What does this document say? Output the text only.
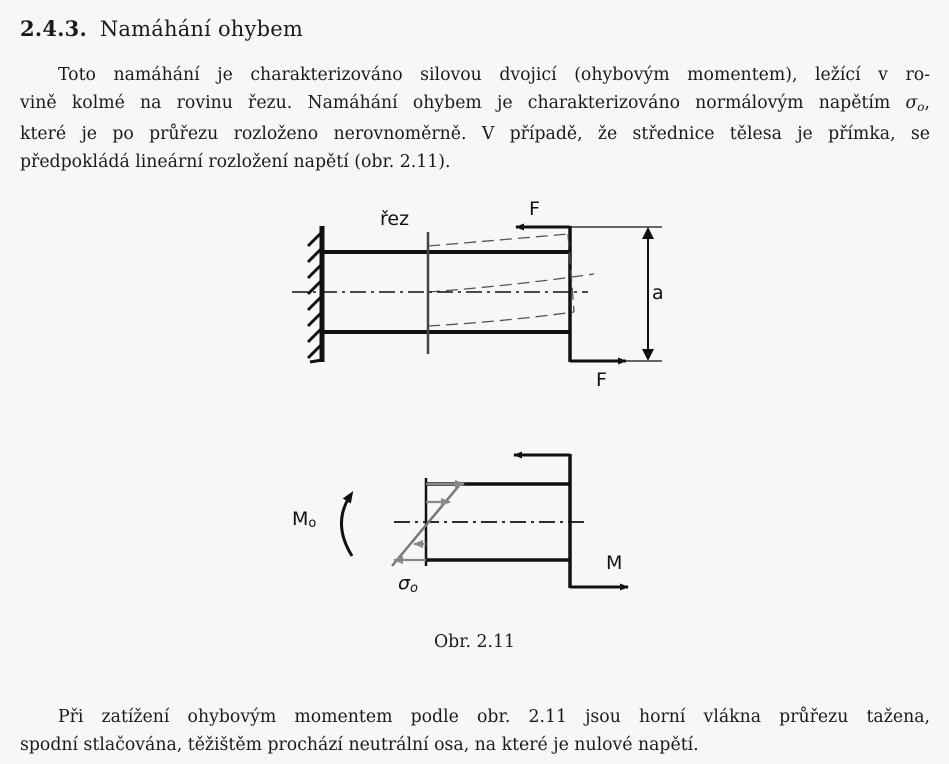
2.4.3. Namáhání ohybem
Toto namáhání je charakterizováno silovou dvojicí (ohybovým momentem), ležící v ro-
vině kolmé na rovinu řezu. Namáhání ohybem je charakterizováno normálovým napětím $\sigma_o$,
které je po průřezu rozloženo nerovnoměrně. V případě, že střednice tělesa je přímka, se
předpokládá lineární rozložení napětí (obr. 2.11).
řez	F
a
F
$M_o$
M
$\sigma_o$

Obr. 2.11

Při zatížení ohybovým momentem podle obr. 2.11 jsou horní vlákna průřezu tažena,
spodní stlačována, těžištěm prochází neutrální osa, na které je nulové napětí.
